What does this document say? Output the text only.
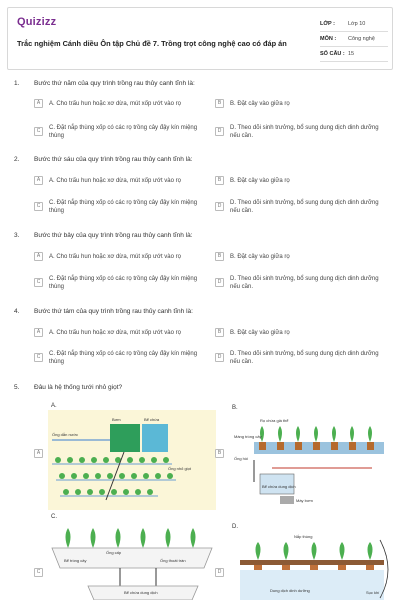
Quizizz
Trắc nghiệm Cánh diều Ôn tập Chủ đề 7. Trồng trọt công nghệ cao có đáp án
LỚP : Lớp 10
MÔN : Công nghệ
SỐ CÂU : 15
1. Bước thứ năm của quy trình trồng rau thủy canh tĩnh là:
A	A. Cho trấu hun hoặc xơ dừa, mút xốp ướt vào rọ	B	B. Đặt cây vào giữa rọ
C	C. Đặt nắp thùng xốp có các rọ trồng cây đậy kín miệng thùng
D	D. Theo dõi sinh trưởng, bổ sung dung dịch dinh dưỡng nếu cần.
2. Bước thứ sáu của quy trình trồng rau thủy canh tĩnh là:
A	A. Cho trấu hun hoặc xơ dừa, mút xốp ướt vào rọ	B	B. Đặt cây vào giữa rọ
C	C. Đặt nắp thùng xốp có các rọ trồng cây đậy kín miệng thùng
D	D. Theo dõi sinh trưởng, bổ sung dung dịch dinh dưỡng nếu cần.
3. Bước thứ bảy của quy trình trồng rau thủy canh tĩnh là:
A	A. Cho trấu hun hoặc xơ dừa, mút xốp ướt vào rọ	B	B. Đặt cây vào giữa rọ
C	C. Đặt nắp thùng xốp có các rọ trồng cây đậy kín miệng thùng
D	D. Theo dõi sinh trưởng, bổ sung dung dịch dinh dưỡng nếu cần.
4. Bước thứ tám của quy trình trồng rau thủy canh tĩnh là:
A	A. Cho trấu hun hoặc xơ dừa, mút xốp ướt vào rọ	B	B. Đặt cây vào giữa rọ
C	C. Đặt nắp thùng xốp có các rọ trồng cây đậy kín miệng thùng
D	D. Theo dõi sinh trưởng, bổ sung dung dịch dinh dưỡng nếu cần.
5. Đâu là hệ thống tưới nhỏ giọt?
A
A.
Ống dẫn nước
Bơm	Bể chứa
Ống nhỏ giọt
B
B.
Rọ chứa giá thể
Máng trồng cây
Ống hồi
Bể chứa dung dịch
Máy bơm
C
C.
Bể trồng cây
Ống cấp
Ống thoát tràn
Bể chứa dung dịch
D
D.
Nắp thùng
Dung dịch dinh dưỡng	Sục khí
